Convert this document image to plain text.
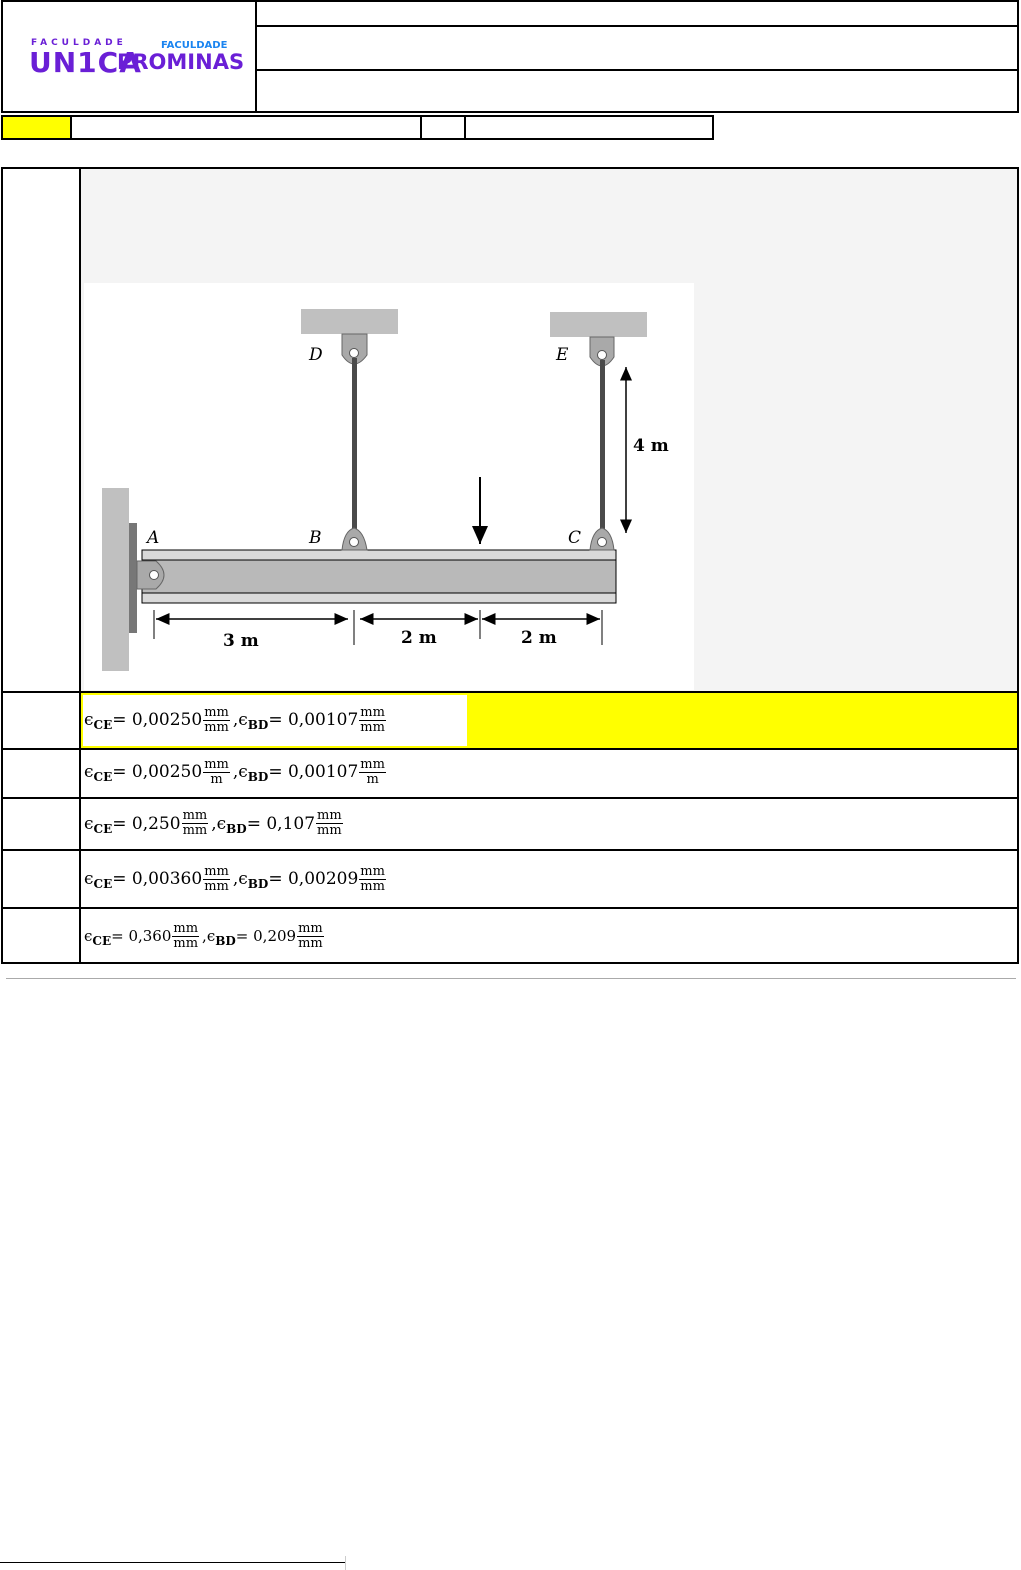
FACULDADE
UN1CA
FACULDADE
PROMINAS
A	B	C
D	E
3 m	2 m	2 m
4 m
ϵ CE = $0,00250 \frac{mm}{mm}$ , ϵ BD = $0,00107 \frac{mm}{mm}$
ϵ CE = $0,00250 \frac{mm}{m}$ , ϵ BD = $0,00107 \frac{mm}{m}$
ϵ CE = $0,250 \frac{mm}{mm}$ , ϵ BD = $0,107 \frac{mm}{mm}$
ϵ CE = $0,00360 \frac{mm}{mm}$ , ϵ BD = $0,00209 \frac{mm}{mm}$
ϵ CE = $0,360 \frac{mm}{mm}$ , ϵ BD = $0,209 \frac{mm}{mm}$
